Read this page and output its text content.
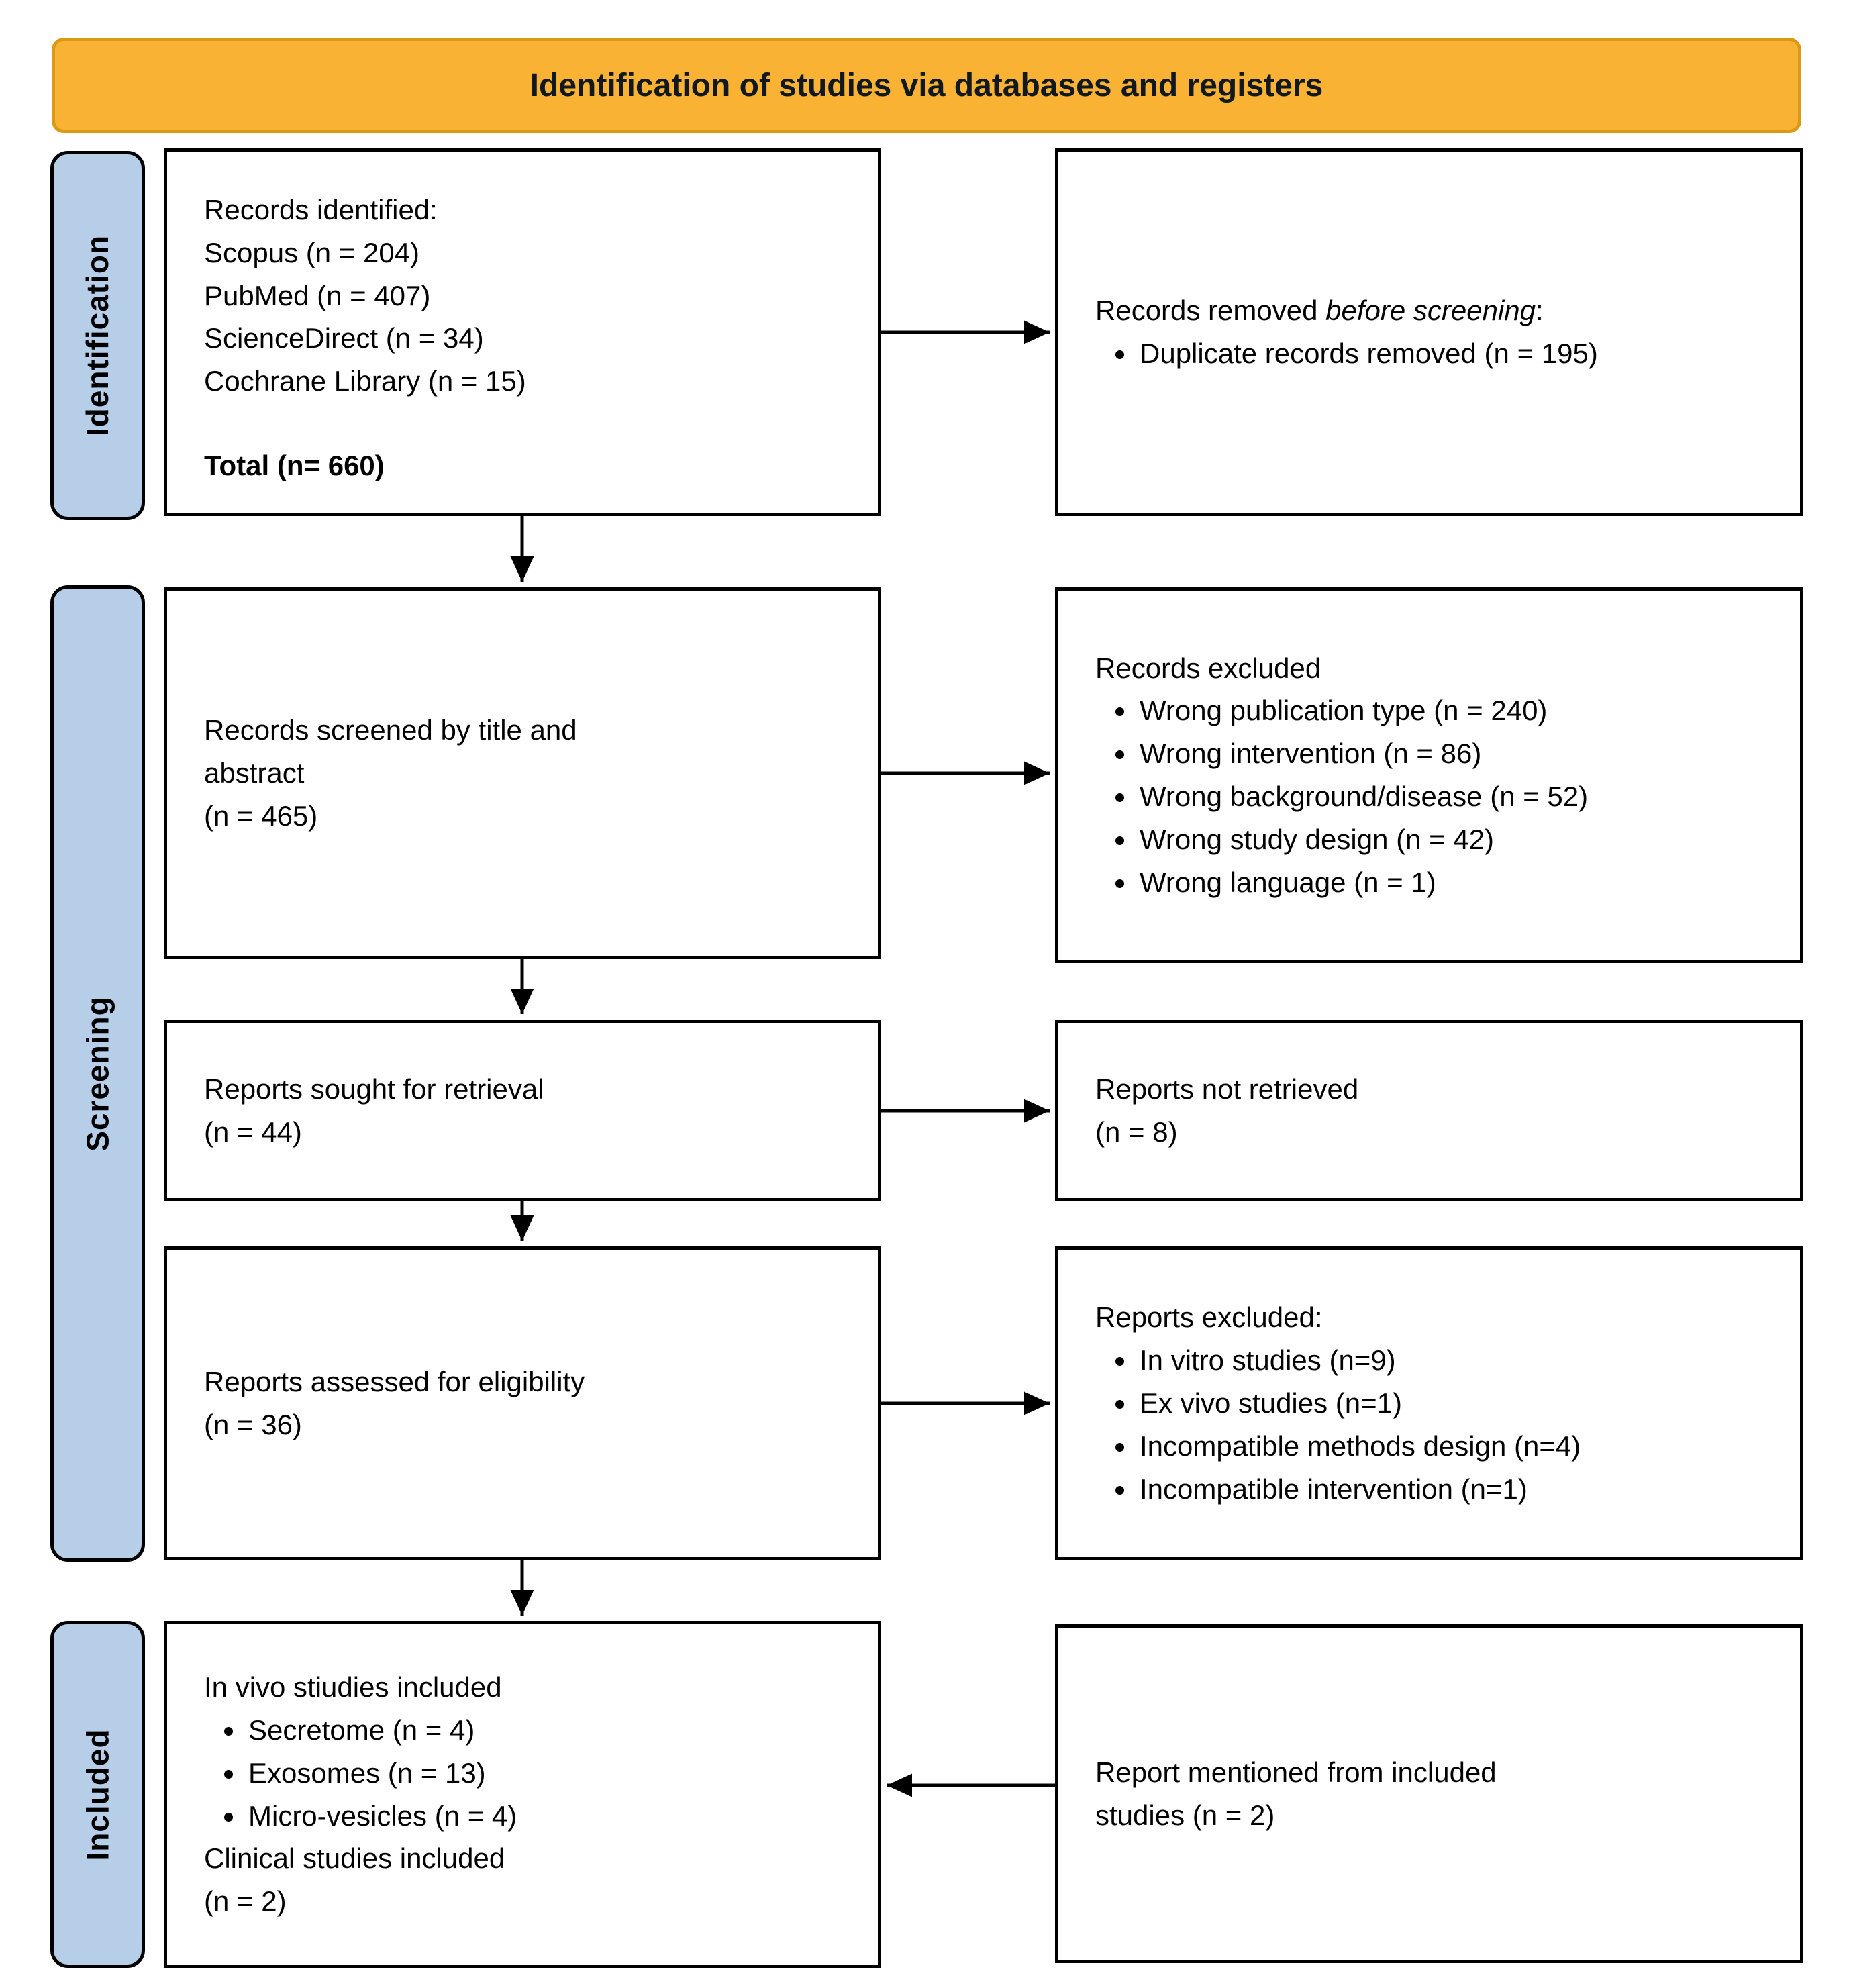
Identification of studies via databases and registers
Identification
Screening
Included
Records identified:
Scopus (n = 204)
PubMed (n = 407)
ScienceDirect (n = 34)
Cochrane Library (n = 15)
Total (n= 660)
Records screened by title and
abstract
(n = 465)
Reports sought for retrieval
(n = 44)
Reports assessed for eligibility
(n = 36)
In vivo stiudies included
• Secretome (n = 4)
• Exosomes (n = 13)
• Micro-vesicles (n = 4)
Clinical studies included
(n = 2)
Records removed before screening:
• Duplicate records removed (n = 195)
Records excluded
• Wrong publication type (n = 240)
• Wrong intervention (n = 86)
• Wrong background/disease (n = 52)
• Wrong study design (n = 42)
• Wrong language (n = 1)
Reports not retrieved
(n = 8)
Reports excluded:
• In vitro studies (n=9)
• Ex vivo studies (n=1)
• Incompatible methods design (n=4)
• Incompatible intervention (n=1)
Report mentioned from included
studies (n = 2)
